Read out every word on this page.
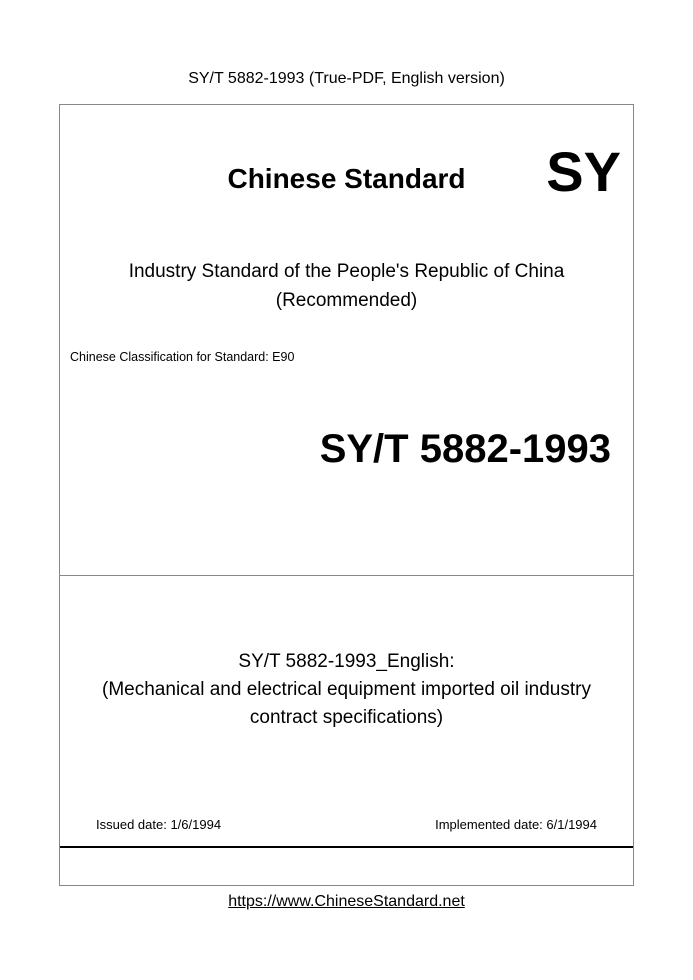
SY/T 5882-1993 (True-PDF, English version)
Chinese Standard	SY
Industry Standard of the People's Republic of China
(Recommended)
Chinese Classification for Standard: E90
SY/T 5882-1993
SY/T 5882-1993_English:
(Mechanical and electrical equipment imported oil industry
contract specifications)
Issued date: 1/6/1994	Implemented date: 6/1/1994
https://www.ChineseStandard.net
